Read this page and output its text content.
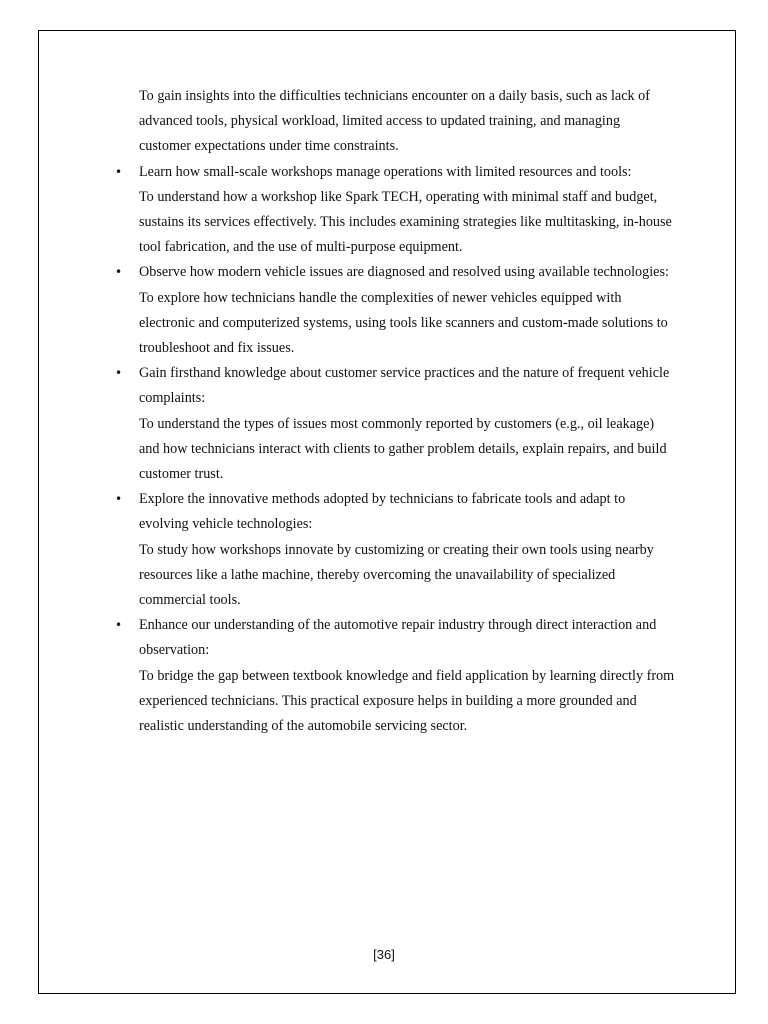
To gain insights into the difficulties technicians encounter on a daily basis, such as lack of advanced tools, physical workload, limited access to updated training, and managing customer expectations under time constraints.

• Learn how small-scale workshops manage operations with limited resources and tools:
To understand how a workshop like Spark TECH, operating with minimal staff and budget, sustains its services effectively. This includes examining strategies like multitasking, in-house tool fabrication, and the use of multi-purpose equipment.
• Observe how modern vehicle issues are diagnosed and resolved using available technologies:
To explore how technicians handle the complexities of newer vehicles equipped with electronic and computerized systems, using tools like scanners and custom-made solutions to troubleshoot and fix issues.
• Gain firsthand knowledge about customer service practices and the nature of frequent vehicle complaints:
To understand the types of issues most commonly reported by customers (e.g., oil leakage) and how technicians interact with clients to gather problem details, explain repairs, and build customer trust.
• Explore the innovative methods adopted by technicians to fabricate tools and adapt to evolving vehicle technologies:
To study how workshops innovate by customizing or creating their own tools using nearby resources like a lathe machine, thereby overcoming the unavailability of specialized commercial tools.
• Enhance our understanding of the automotive repair industry through direct interaction and observation:
To bridge the gap between textbook knowledge and field application by learning directly from experienced technicians. This practical exposure helps in building a more grounded and realistic understanding of the automobile servicing sector.
[36]
